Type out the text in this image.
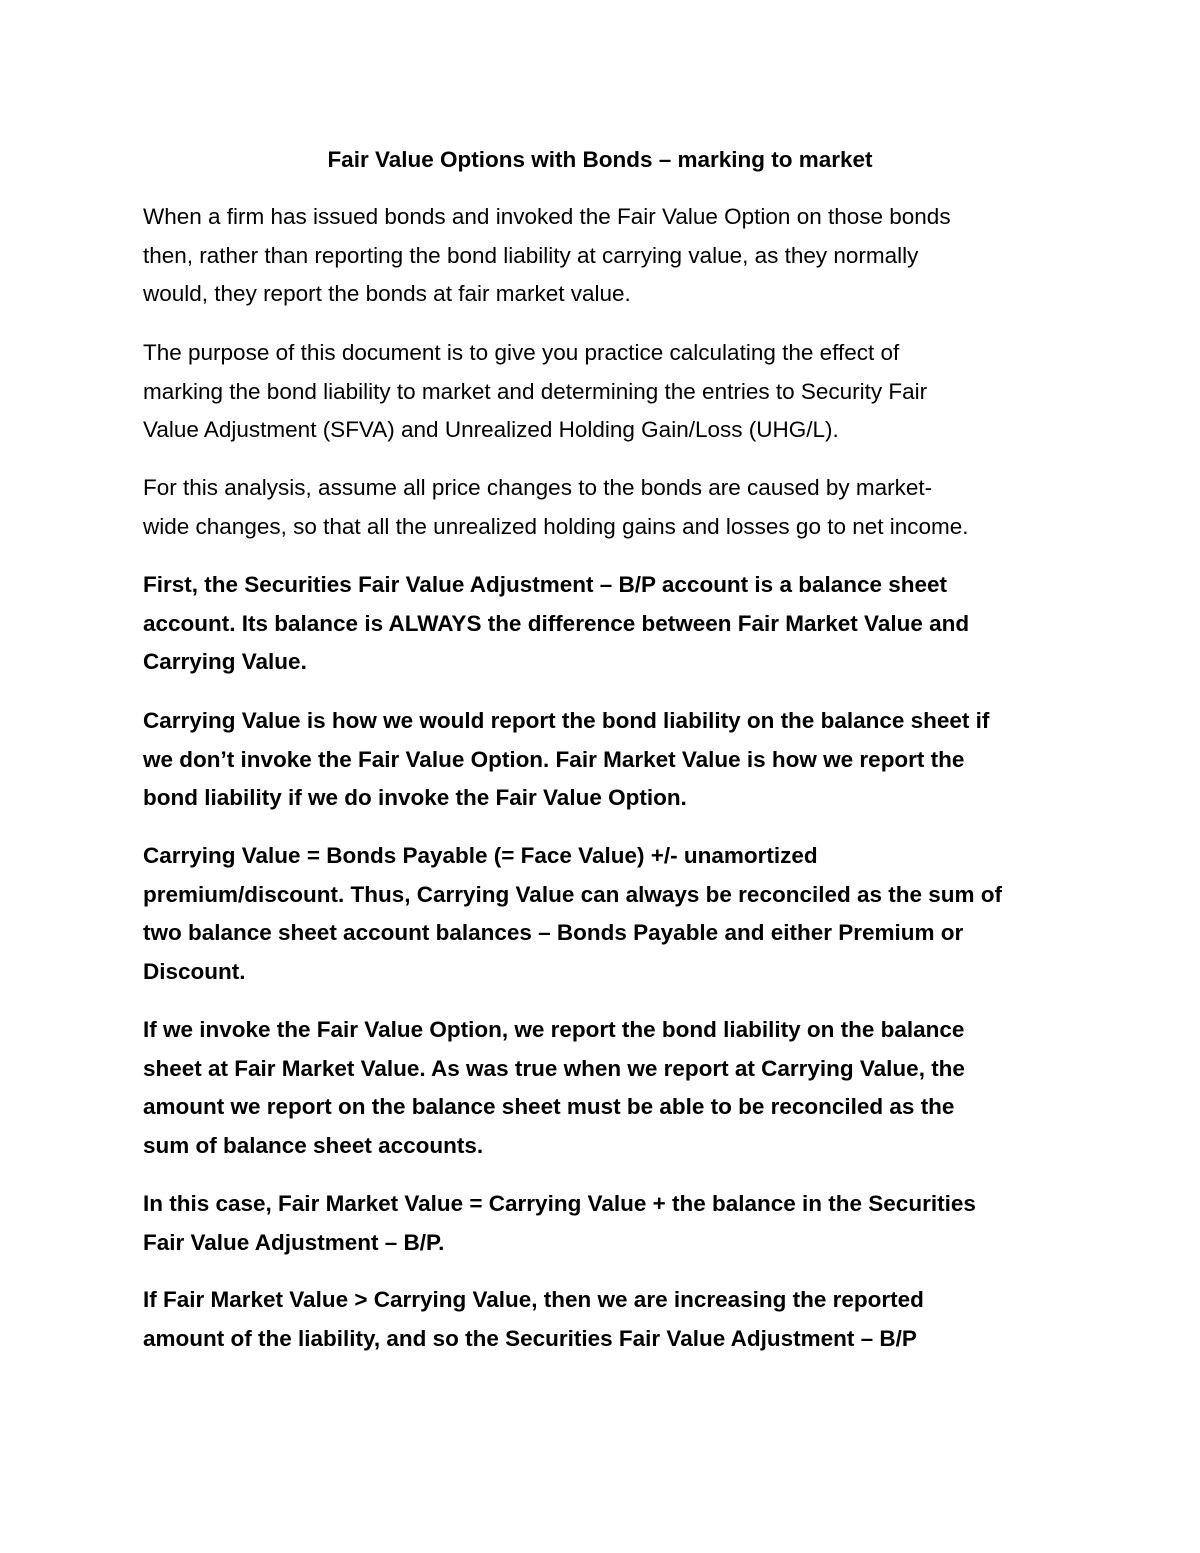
Fair Value Options with Bonds – marking to market
When a firm has issued bonds and invoked the Fair Value Option on those bonds
then, rather than reporting the bond liability at carrying value, as they normally
would, they report the bonds at fair market value.
The purpose of this document is to give you practice calculating the effect of
marking the bond liability to market and determining the entries to Security Fair
Value Adjustment (SFVA) and Unrealized Holding Gain/Loss (UHG/L).
For this analysis, assume all price changes to the bonds are caused by market-
wide changes, so that all the unrealized holding gains and losses go to net income.
First, the Securities Fair Value Adjustment – B/P account is a balance sheet
account. Its balance is ALWAYS the difference between Fair Market Value and
Carrying Value.
Carrying Value is how we would report the bond liability on the balance sheet if
we don’t invoke the Fair Value Option. Fair Market Value is how we report the
bond liability if we do invoke the Fair Value Option.
Carrying Value = Bonds Payable (= Face Value) +/- unamortized
premium/discount. Thus, Carrying Value can always be reconciled as the sum of
two balance sheet account balances – Bonds Payable and either Premium or
Discount.
If we invoke the Fair Value Option, we report the bond liability on the balance
sheet at Fair Market Value. As was true when we report at Carrying Value, the
amount we report on the balance sheet must be able to be reconciled as the
sum of balance sheet accounts.
In this case, Fair Market Value = Carrying Value + the balance in the Securities
Fair Value Adjustment – B/P.
If Fair Market Value > Carrying Value, then we are increasing the reported
amount of the liability, and so the Securities Fair Value Adjustment – B/P
